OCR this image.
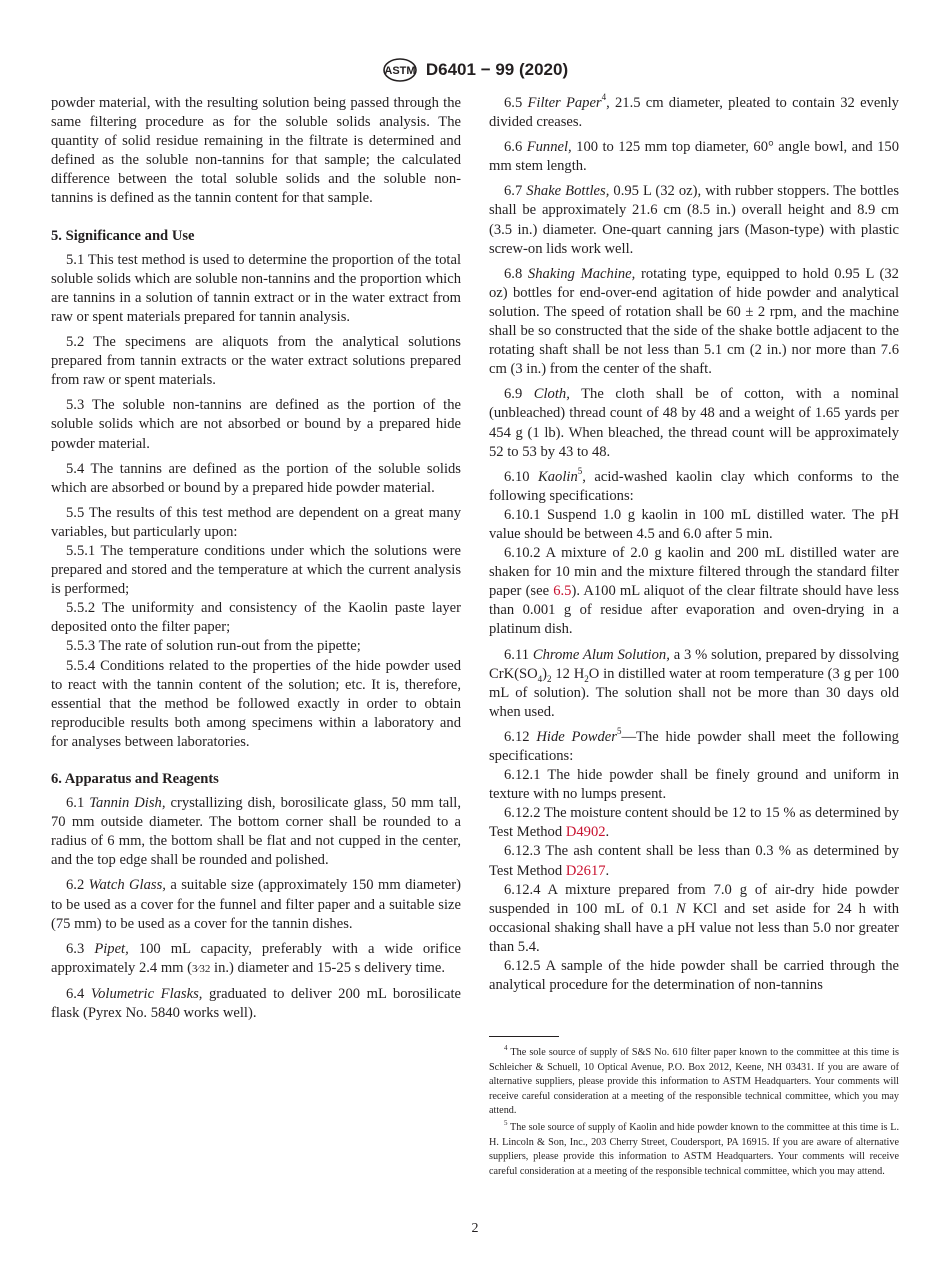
ASTM D6401 − 99 (2020)

powder material, with the resulting solution being passed through the same filtering procedure as for the soluble solids analysis. The quantity of solid residue remaining in the filtrate is determined and defined as the soluble non-tannins for that sample; the calculated difference between the total soluble solids and the soluble non-tannins is defined as the tannin content for that sample.

5. Significance and Use

5.1 This test method is used to determine the proportion of the total soluble solids which are soluble non-tannins and the proportion which are tannins in a solution of tannin extract or in the water extract from raw or spent materials prepared for tannin analysis.

5.2 The specimens are aliquots from the analytical solutions prepared from tannin extracts or the water extract solutions prepared from raw or spent materials.

5.3 The soluble non-tannins are defined as the portion of the soluble solids which are not absorbed or bound by a prepared hide powder material.

5.4 The tannins are defined as the portion of the soluble solids which are absorbed or bound by a prepared hide powder material.

5.5 The results of this test method are dependent on a great many variables, but particularly upon:

5.5.1 The temperature conditions under which the solutions were prepared and stored and the temperature at which the current analysis is performed;

5.5.2 The uniformity and consistency of the Kaolin paste layer deposited onto the filter paper;

5.5.3 The rate of solution run-out from the pipette;

5.5.4 Conditions related to the properties of the hide powder used to react with the tannin content of the solution; etc. It is, therefore, essential that the method be followed exactly in order to obtain reproducible results both among specimens within a laboratory and for analyses between laboratories.

6. Apparatus and Reagents

6.1 Tannin Dish, crystallizing dish, borosilicate glass, 50 mm tall, 70 mm outside diameter. The bottom corner shall be rounded to a radius of 6 mm, the bottom shall be flat and not cupped in the center, and the top edge shall be rounded and polished.

6.2 Watch Glass, a suitable size (approximately 150 mm diameter) to be used as a cover for the funnel and filter paper and a suitable size (75 mm) to be used as a cover for the tannin dishes.

6.3 Pipet, 100 mL capacity, preferably with a wide orifice approximately 2.4 mm (3⁄32 in.) diameter and 15-25 s delivery time.

6.4 Volumetric Flasks, graduated to deliver 200 mL borosilicate flask (Pyrex No. 5840 works well).

6.5 Filter Paper$^4$, 21.5 cm diameter, pleated to contain 32 evenly divided creases.

6.6 Funnel, 100 to 125 mm top diameter, 60° angle bowl, and 150 mm stem length.

6.7 Shake Bottles, 0.95 L (32 oz), with rubber stoppers. The bottles shall be approximately 21.6 cm (8.5 in.) overall height and 8.9 cm (3.5 in.) diameter. One-quart canning jars (Mason-type) with plastic screw-on lids work well.

6.8 Shaking Machine, rotating type, equipped to hold 0.95 L (32 oz) bottles for end-over-end agitation of hide powder and analytical solution. The speed of rotation shall be 60 ± 2 rpm, and the machine shall be so constructed that the side of the shake bottle adjacent to the rotating shaft shall be not less than 5.1 cm (2 in.) nor more than 7.6 cm (3 in.) from the center of the shaft.

6.9 Cloth, The cloth shall be of cotton, with a nominal (unbleached) thread count of 48 by 48 and a weight of 1.65 yards per 454 g (1 lb). When bleached, the thread count will be approximately 52 to 53 by 43 to 48.

6.10 Kaolin$^5$, acid-washed kaolin clay which conforms to the following specifications:

6.10.1 Suspend 1.0 g kaolin in 100 mL distilled water. The pH value should be between 4.5 and 6.0 after 5 min.

6.10.2 A mixture of 2.0 g kaolin and 200 mL distilled water are shaken for 10 min and the mixture filtered through the standard filter paper (see 6.5). A100 mL aliquot of the clear filtrate should have less than 0.001 g of residue after evaporation and oven-drying in a platinum dish.

6.11 Chrome Alum Solution, a 3 % solution, prepared by dissolving $CrK(SO_4)_2$ 12 $H_2O$ in distilled water at room temperature (3 g per 100 mL of solution). The solution shall not be more than 30 days old when used.

6.12 Hide Powder$^5$—The hide powder shall meet the following specifications:

6.12.1 The hide powder shall be finely ground and uniform in texture with no lumps present.

6.12.2 The moisture content should be 12 to 15 % as determined by Test Method D4902.

6.12.3 The ash content shall be less than 0.3 % as determined by Test Method D2617.

6.12.4 A mixture prepared from 7.0 g of air-dry hide powder suspended in 100 mL of 0.1 N KCl and set aside for 24 h with occasional shaking shall have a pH value not less than 5.0 nor greater than 5.4.

6.12.5 A sample of the hide powder shall be carried through the analytical procedure for the determination of non-tannins

$^4$ The sole source of supply of S&S No. 610 filter paper known to the committee at this time is Schleicher & Schuell, 10 Optical Avenue, P.O. Box 2012, Keene, NH 03431. If you are aware of alternative suppliers, please provide this information to ASTM Headquarters. Your comments will receive careful consideration at a meeting of the responsible technical committee, which you may attend.

$^5$ The sole source of supply of Kaolin and hide powder known to the committee at this time is L. H. Lincoln & Son, Inc., 203 Cherry Street, Coudersport, PA 16915. If you are aware of alternative suppliers, please provide this information to ASTM Headquarters. Your comments will receive careful consideration at a meeting of the responsible technical committee, which you may attend.

2
